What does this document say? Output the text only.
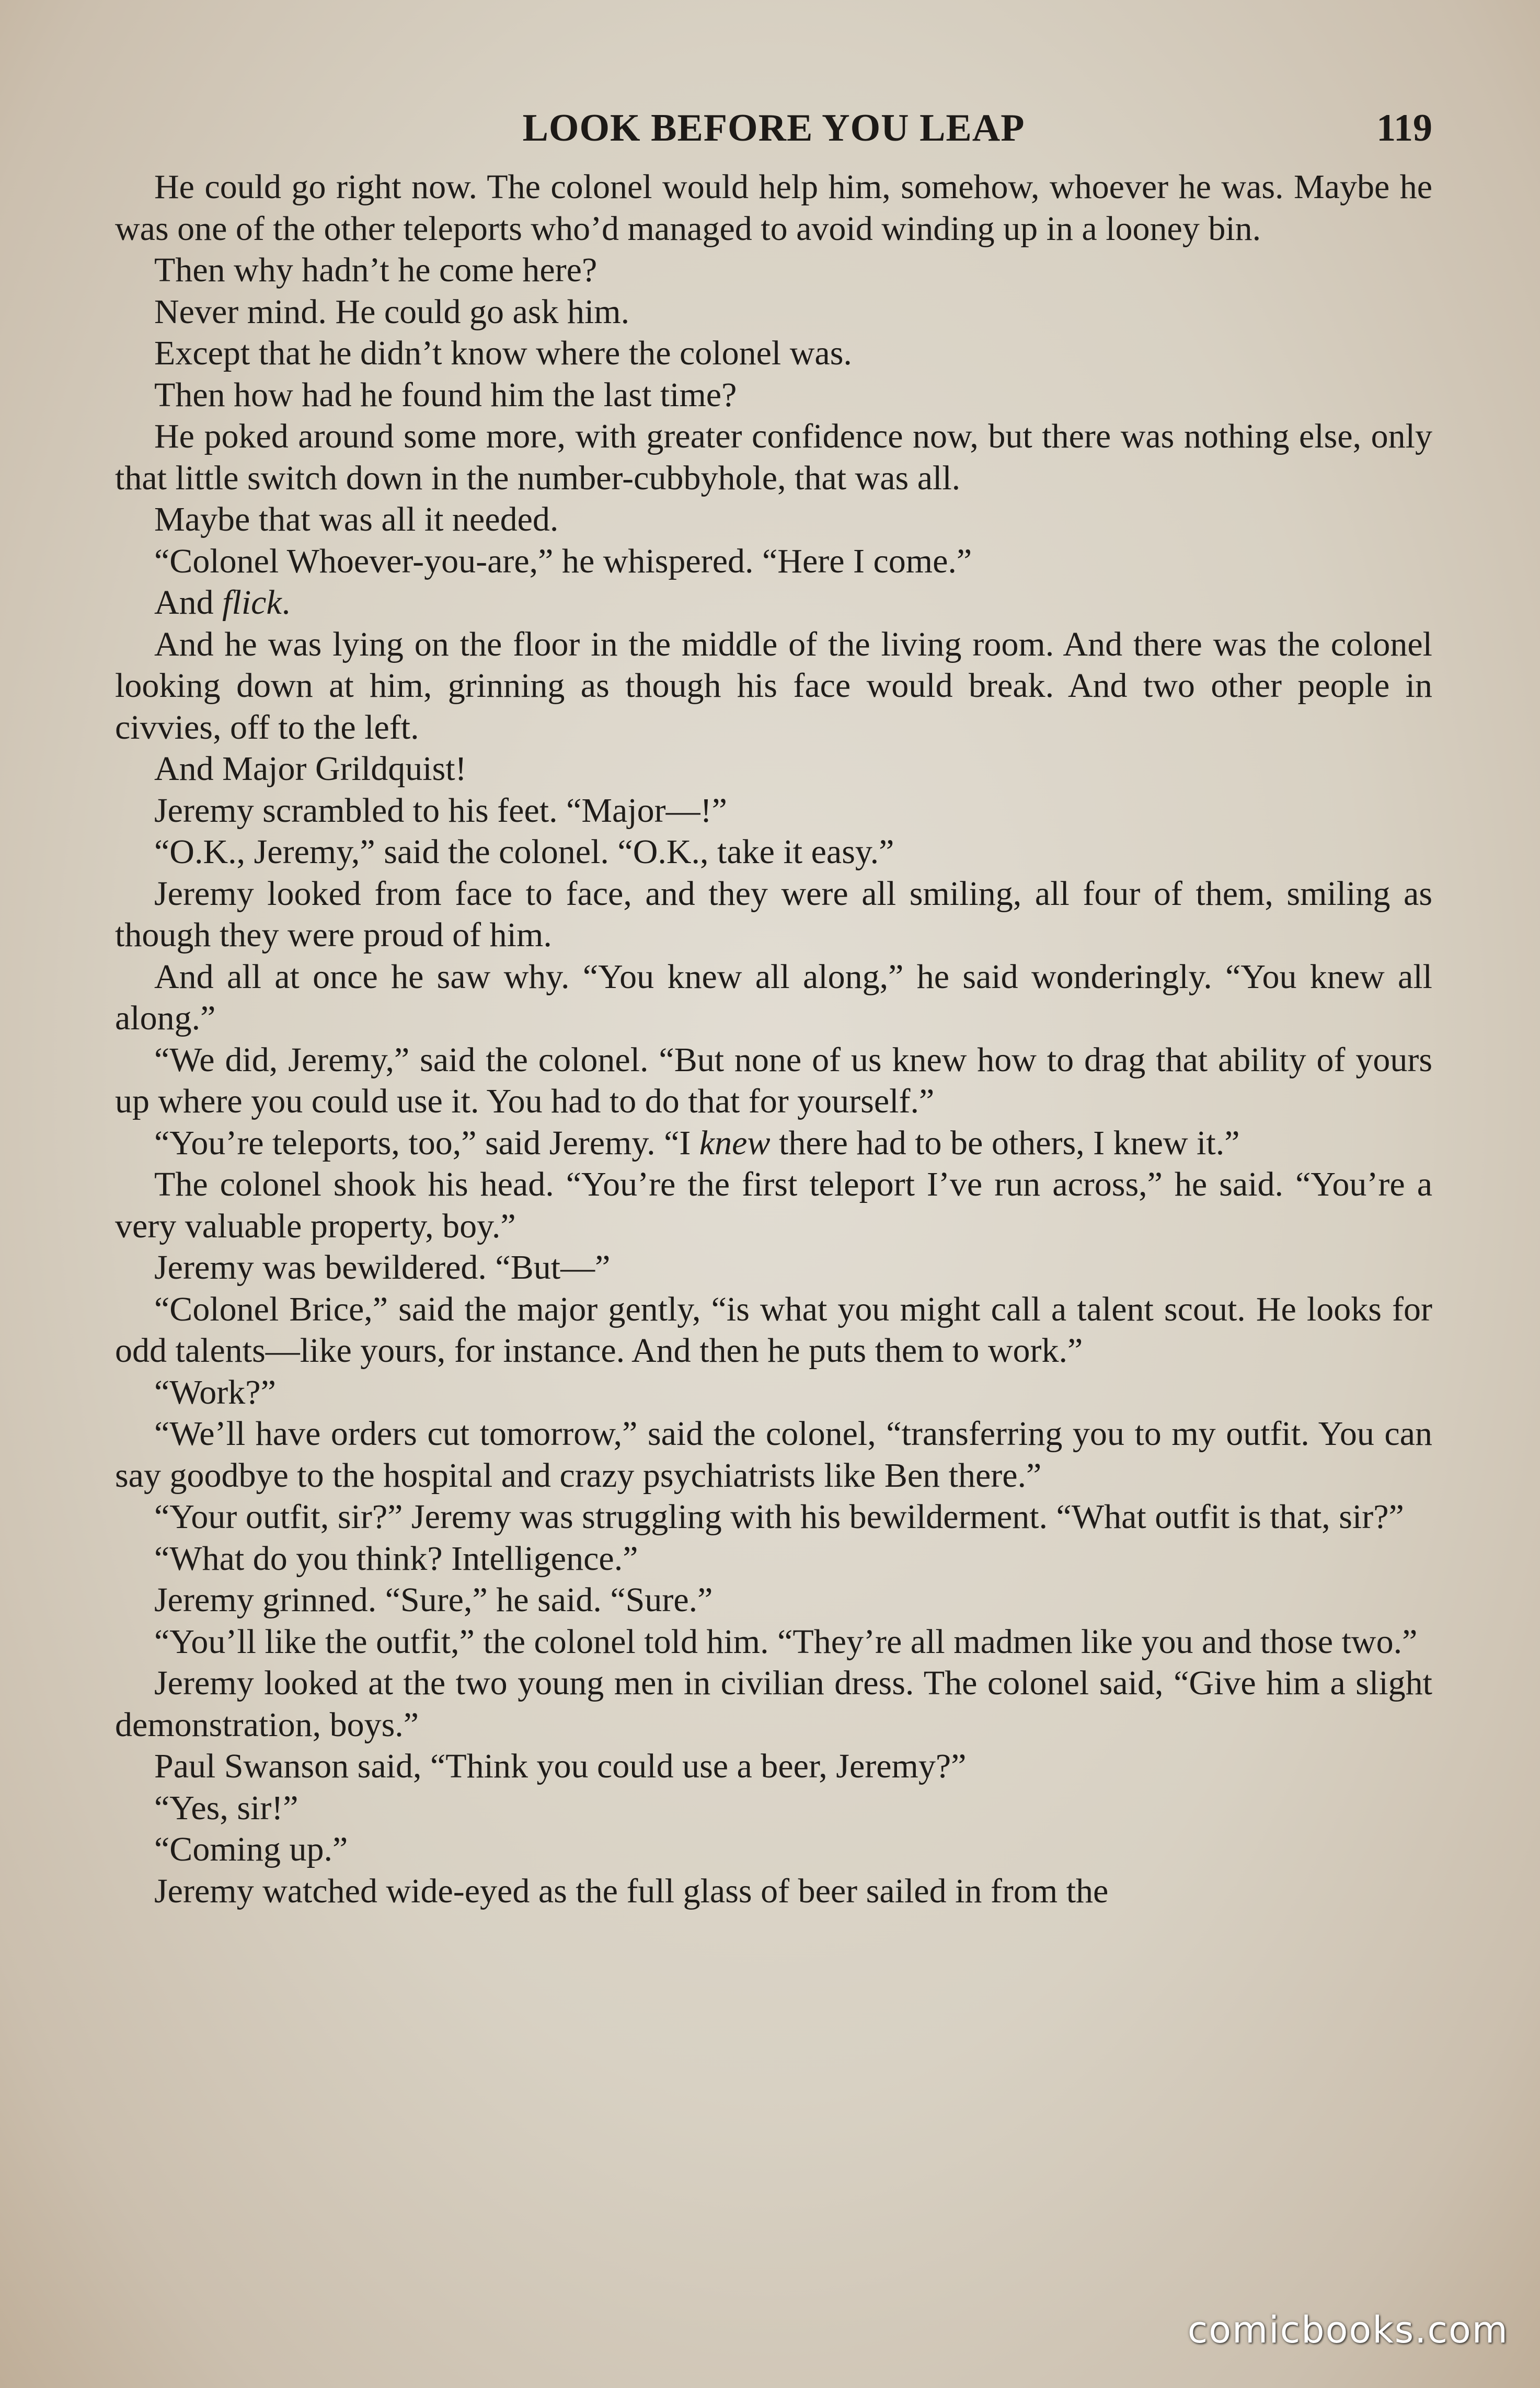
LOOK BEFORE YOU LEAP	119

He could go right now. The colonel would help him, somehow, whoever he was. Maybe he was one of the other teleports who’d managed to avoid winding up in a looney bin.

Then why hadn’t he come here?

Never mind. He could go ask him.

Except that he didn’t know where the colonel was.

Then how had he found him the last time?

He poked around some more, with greater confidence now, but there was nothing else, only that little switch down in the number-cubbyhole, that was all.

Maybe that was all it needed.

“Colonel Whoever-you-are,” he whispered. “Here I come.”

And flick.

And he was lying on the floor in the middle of the living room. And there was the colonel looking down at him, grinning as though his face would break. And two other people in civvies, off to the left.

And Major Grildquist!

Jeremy scrambled to his feet. “Major—!”

“O.K., Jeremy,” said the colonel. “O.K., take it easy.”

Jeremy looked from face to face, and they were all smiling, all four of them, smiling as though they were proud of him.

And all at once he saw why. “You knew all along,” he said wonderingly. “You knew all along.”

“We did, Jeremy,” said the colonel. “But none of us knew how to drag that ability of yours up where you could use it. You had to do that for yourself.”

“You’re teleports, too,” said Jeremy. “I knew there had to be others, I knew it.”

The colonel shook his head. “You’re the first teleport I’ve run across,” he said. “You’re a very valuable property, boy.”

Jeremy was bewildered. “But—”

“Colonel Brice,” said the major gently, “is what you might call a talent scout. He looks for odd talents—like yours, for instance. And then he puts them to work.”

“Work?”

“We’ll have orders cut tomorrow,” said the colonel, “transferring you to my outfit. You can say goodbye to the hospital and crazy psychiatrists like Ben there.”

“Your outfit, sir?” Jeremy was struggling with his bewilderment. “What outfit is that, sir?”

“What do you think? Intelligence.”

Jeremy grinned. “Sure,” he said. “Sure.”

“You’ll like the outfit,” the colonel told him. “They’re all madmen like you and those two.”

Jeremy looked at the two young men in civilian dress. The colonel said, “Give him a slight demonstration, boys.”

Paul Swanson said, “Think you could use a beer, Jeremy?”

“Yes, sir!”

“Coming up.”

Jeremy watched wide-eyed as the full glass of beer sailed in from the

comicbooks.com
